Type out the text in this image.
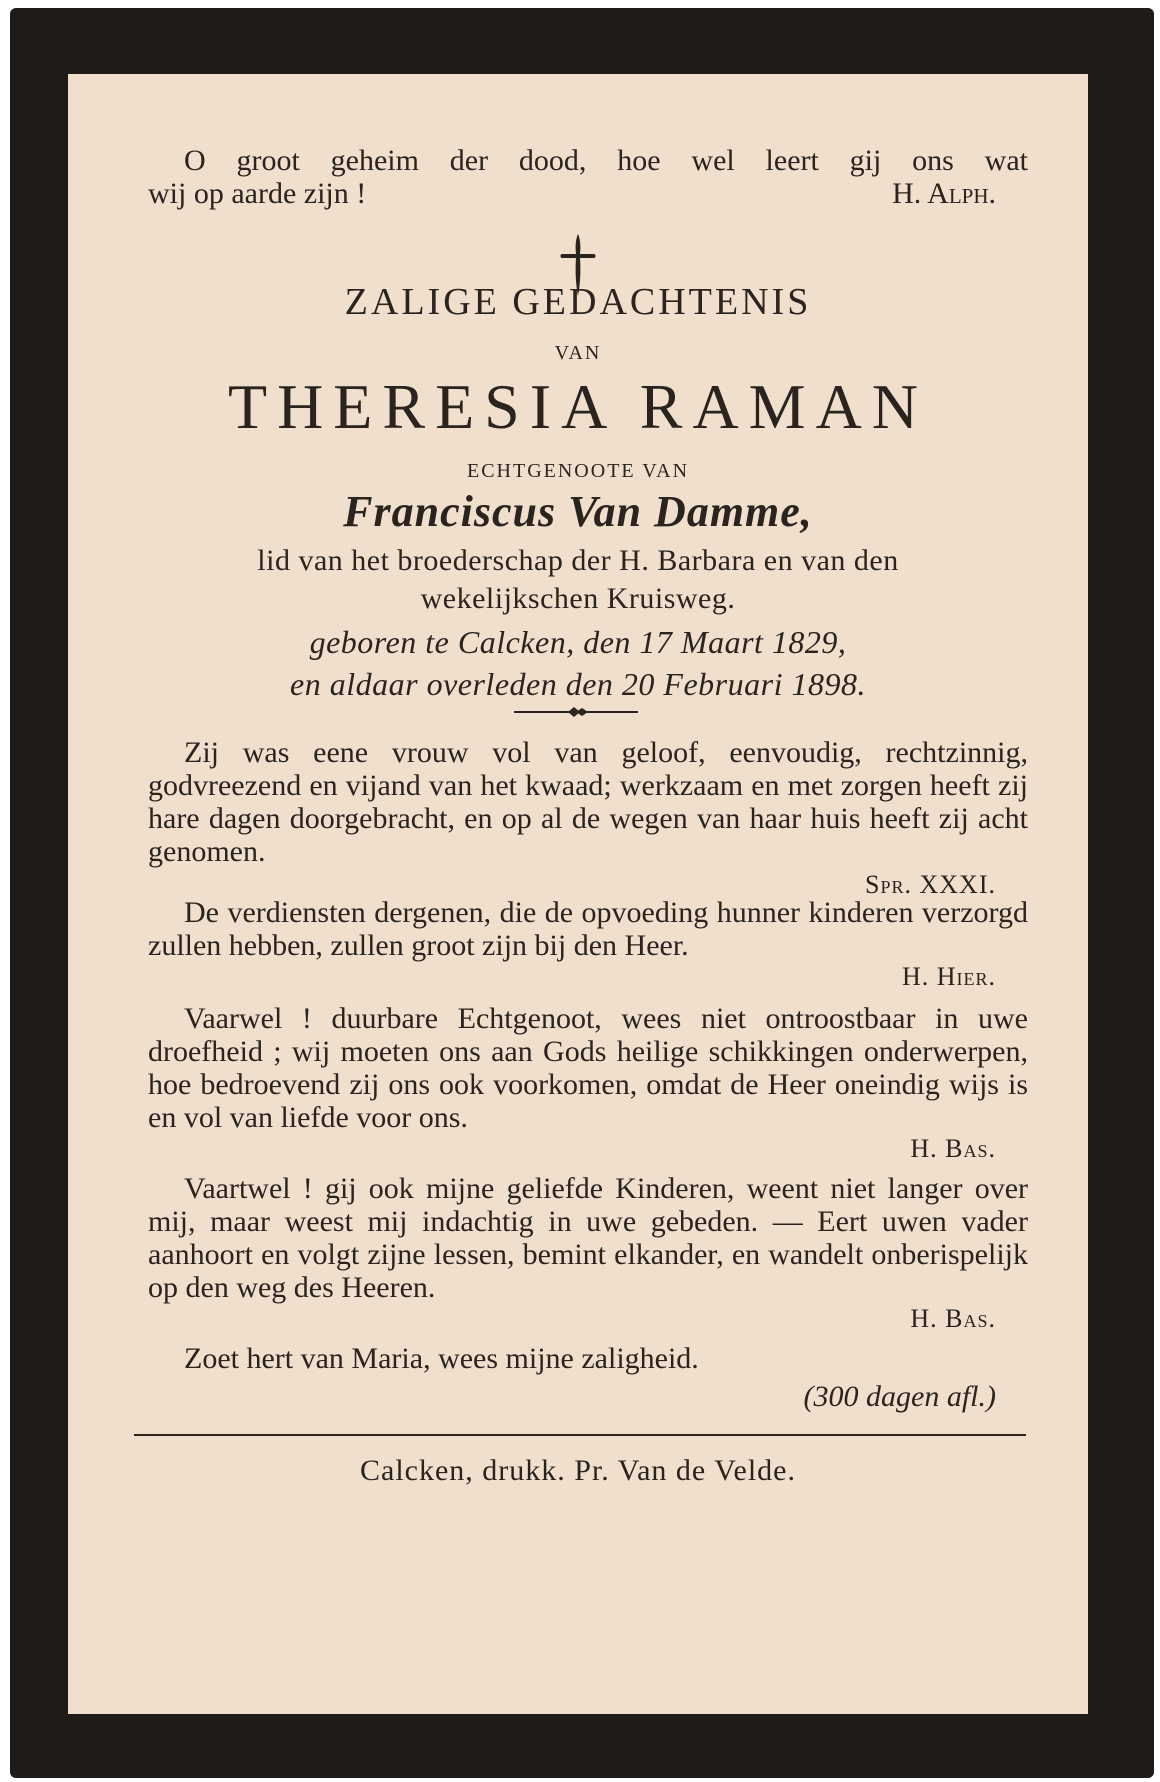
O groot geheim der dood, hoe wel leert gij ons wat
wij op aarde zijn !	H. Alph.
ZALIGE GEDACHTENIS
VAN
THERESIA RAMAN
ECHTGENOOTE VAN
Franciscus Van Damme,
lid van het broederschap der H. Barbara en van den
wekelijkschen Kruisweg.
geboren te Calcken, den 17 Maart 1829,
en aldaar overleden den 20 Februari 1898.
Zij was eene vrouw vol van geloof, eenvoudig, rechtzinnig, godvreezend en vijand van het kwaad; werkzaam en met zorgen heeft zij hare dagen doorgebracht, en op al de wegen van haar huis heeft zij acht genomen.
Spr. XXXI.
De verdiensten dergenen, die de opvoeding hunner kinderen verzorgd zullen hebben, zullen groot zijn bij den Heer.
H. Hier.
Vaarwel ! duurbare Echtgenoot, wees niet ontroostbaar in uwe droefheid ; wij moeten ons aan Gods heilige schikkingen onderwerpen, hoe bedroevend zij ons ook voorkomen, omdat de Heer oneindig wijs is en vol van liefde voor ons.
H. Bas.
Vaartwel ! gij ook mijne geliefde Kinderen, weent niet langer over mij, maar weest mij indachtig in uwe gebeden. — Eert uwen vader aanhoort en volgt zijne lessen, bemint elkander, en wandelt onberispelijk op den weg des Heeren.
H. Bas.
Zoet hert van Maria, wees mijne zaligheid.
(300 dagen afl.)
Calcken, drukk. Pr. Van de Velde.
